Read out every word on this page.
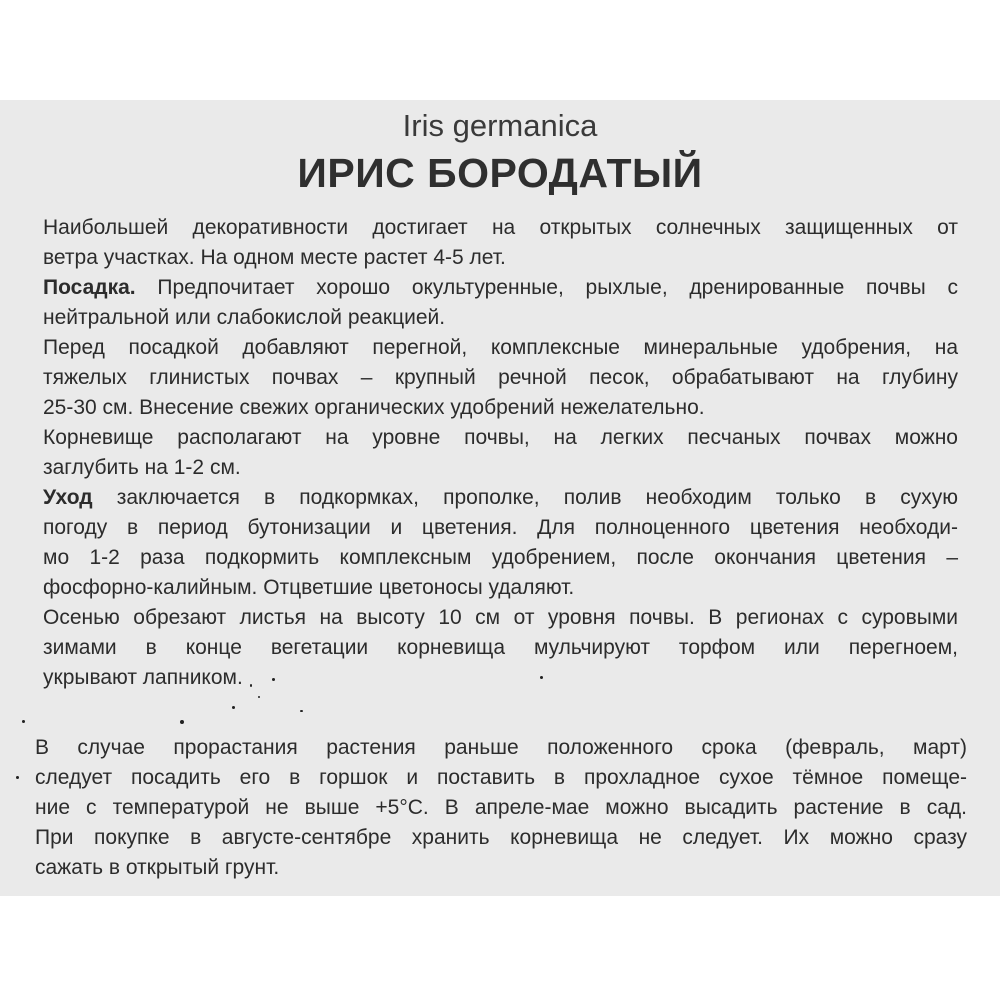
Iris germanica
ИРИС БОРОДАТЫЙ
Наибольшей декоративности достигает на открытых солнечных защищенных от
ветра участках. На одном месте растет 4-5 лет.
Посадка. Предпочитает хорошо окультуренные, рыхлые, дренированные почвы с
нейтральной или слабокислой реакцией.
Перед посадкой добавляют перегной, комплексные минеральные удобрения, на
тяжелых глинистых почвах – крупный речной песок, обрабатывают на глубину
25-30 см. Внесение свежих органических удобрений нежелательно.
Корневище располагают на уровне почвы, на легких песчаных почвах можно
заглубить на 1-2 см.
Уход заключается в подкормках, прополке, полив необходим только в сухую
погоду в период бутонизации и цветения. Для полноценного цветения необходи-
мо 1-2 раза подкормить комплексным удобрением, после окончания цветения –
фосфорно-калийным. Отцветшие цветоносы удаляют.
Осенью обрезают листья на высоту 10 см от уровня почвы. В регионах с суровыми
зимами в конце вегетации корневища мульчируют торфом или перегноем,
укрывают лапником.
В случае прорастания растения раньше положенного срока (февраль, март)
следует посадить его в горшок и поставить в прохладное сухое тёмное помеще-
ние с температурой не выше +5°С. В апреле-мае можно высадить растение в сад.
При покупке в августе-сентябре хранить корневища не следует. Их можно сразу
сажать в открытый грунт.
